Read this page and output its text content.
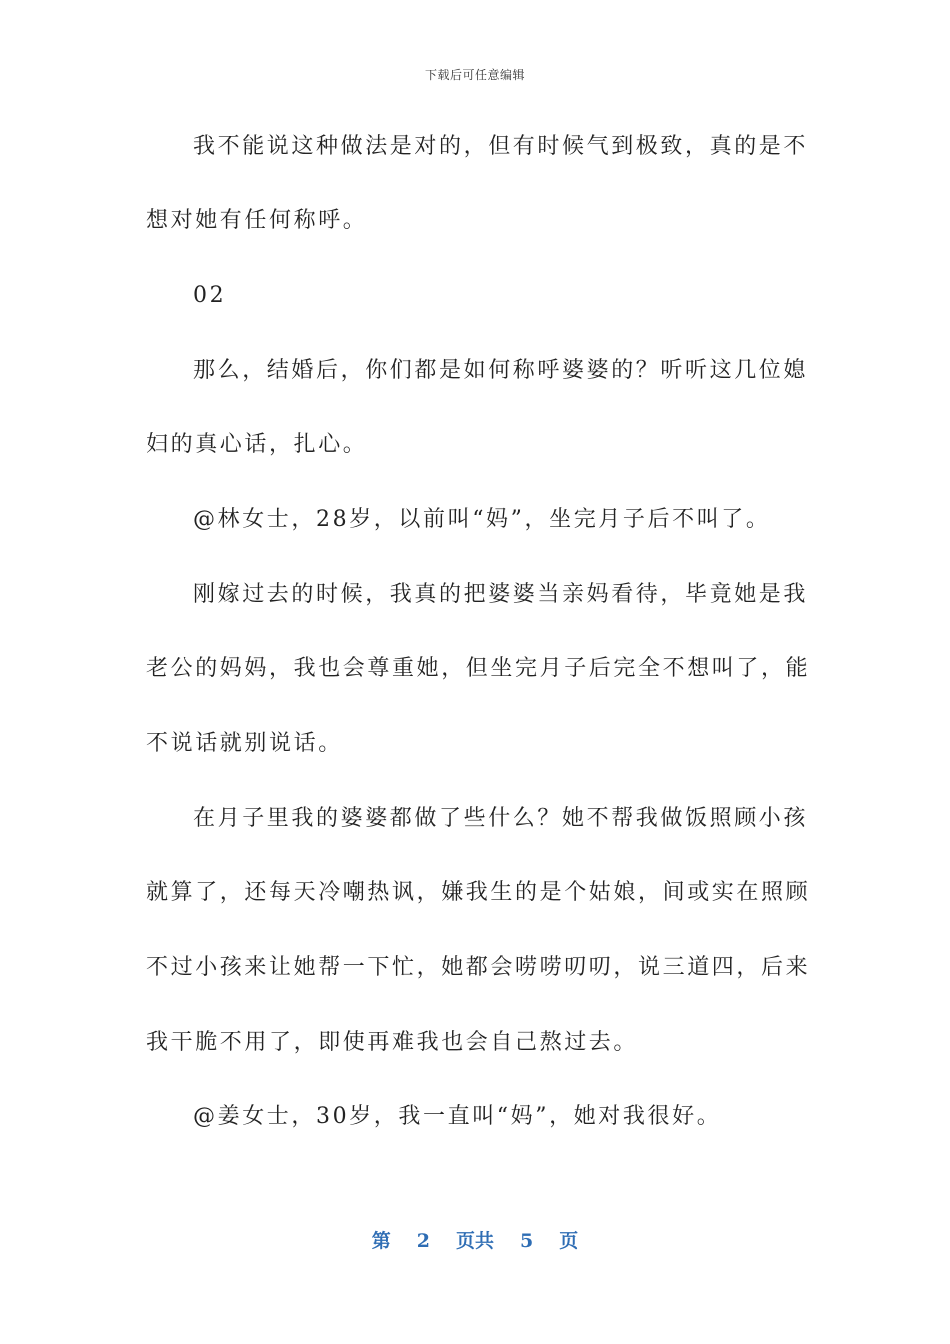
下载后可任意编辑
我不能说这种做法是对的，但有时候气到极致，真的是不
想对她有任何称呼。
02
那么，结婚后，你们都是如何称呼婆婆的？听听这几位媳
妇的真心话，扎心。
@林女士，28岁，以前叫“妈”，坐完月子后不叫了。
刚嫁过去的时候，我真的把婆婆当亲妈看待，毕竟她是我
老公的妈妈，我也会尊重她，但坐完月子后完全不想叫了，能
不说话就别说话。
在月子里我的婆婆都做了些什么？她不帮我做饭照顾小孩
就算了，还每天冷嘲热讽，嫌我生的是个姑娘，间或实在照顾
不过小孩来让她帮一下忙，她都会唠唠叨叨，说三道四，后来
我干脆不用了，即使再难我也会自己熬过去。
@姜女士，30岁，我一直叫“妈”，她对我很好。
第 2 页共 5 页
